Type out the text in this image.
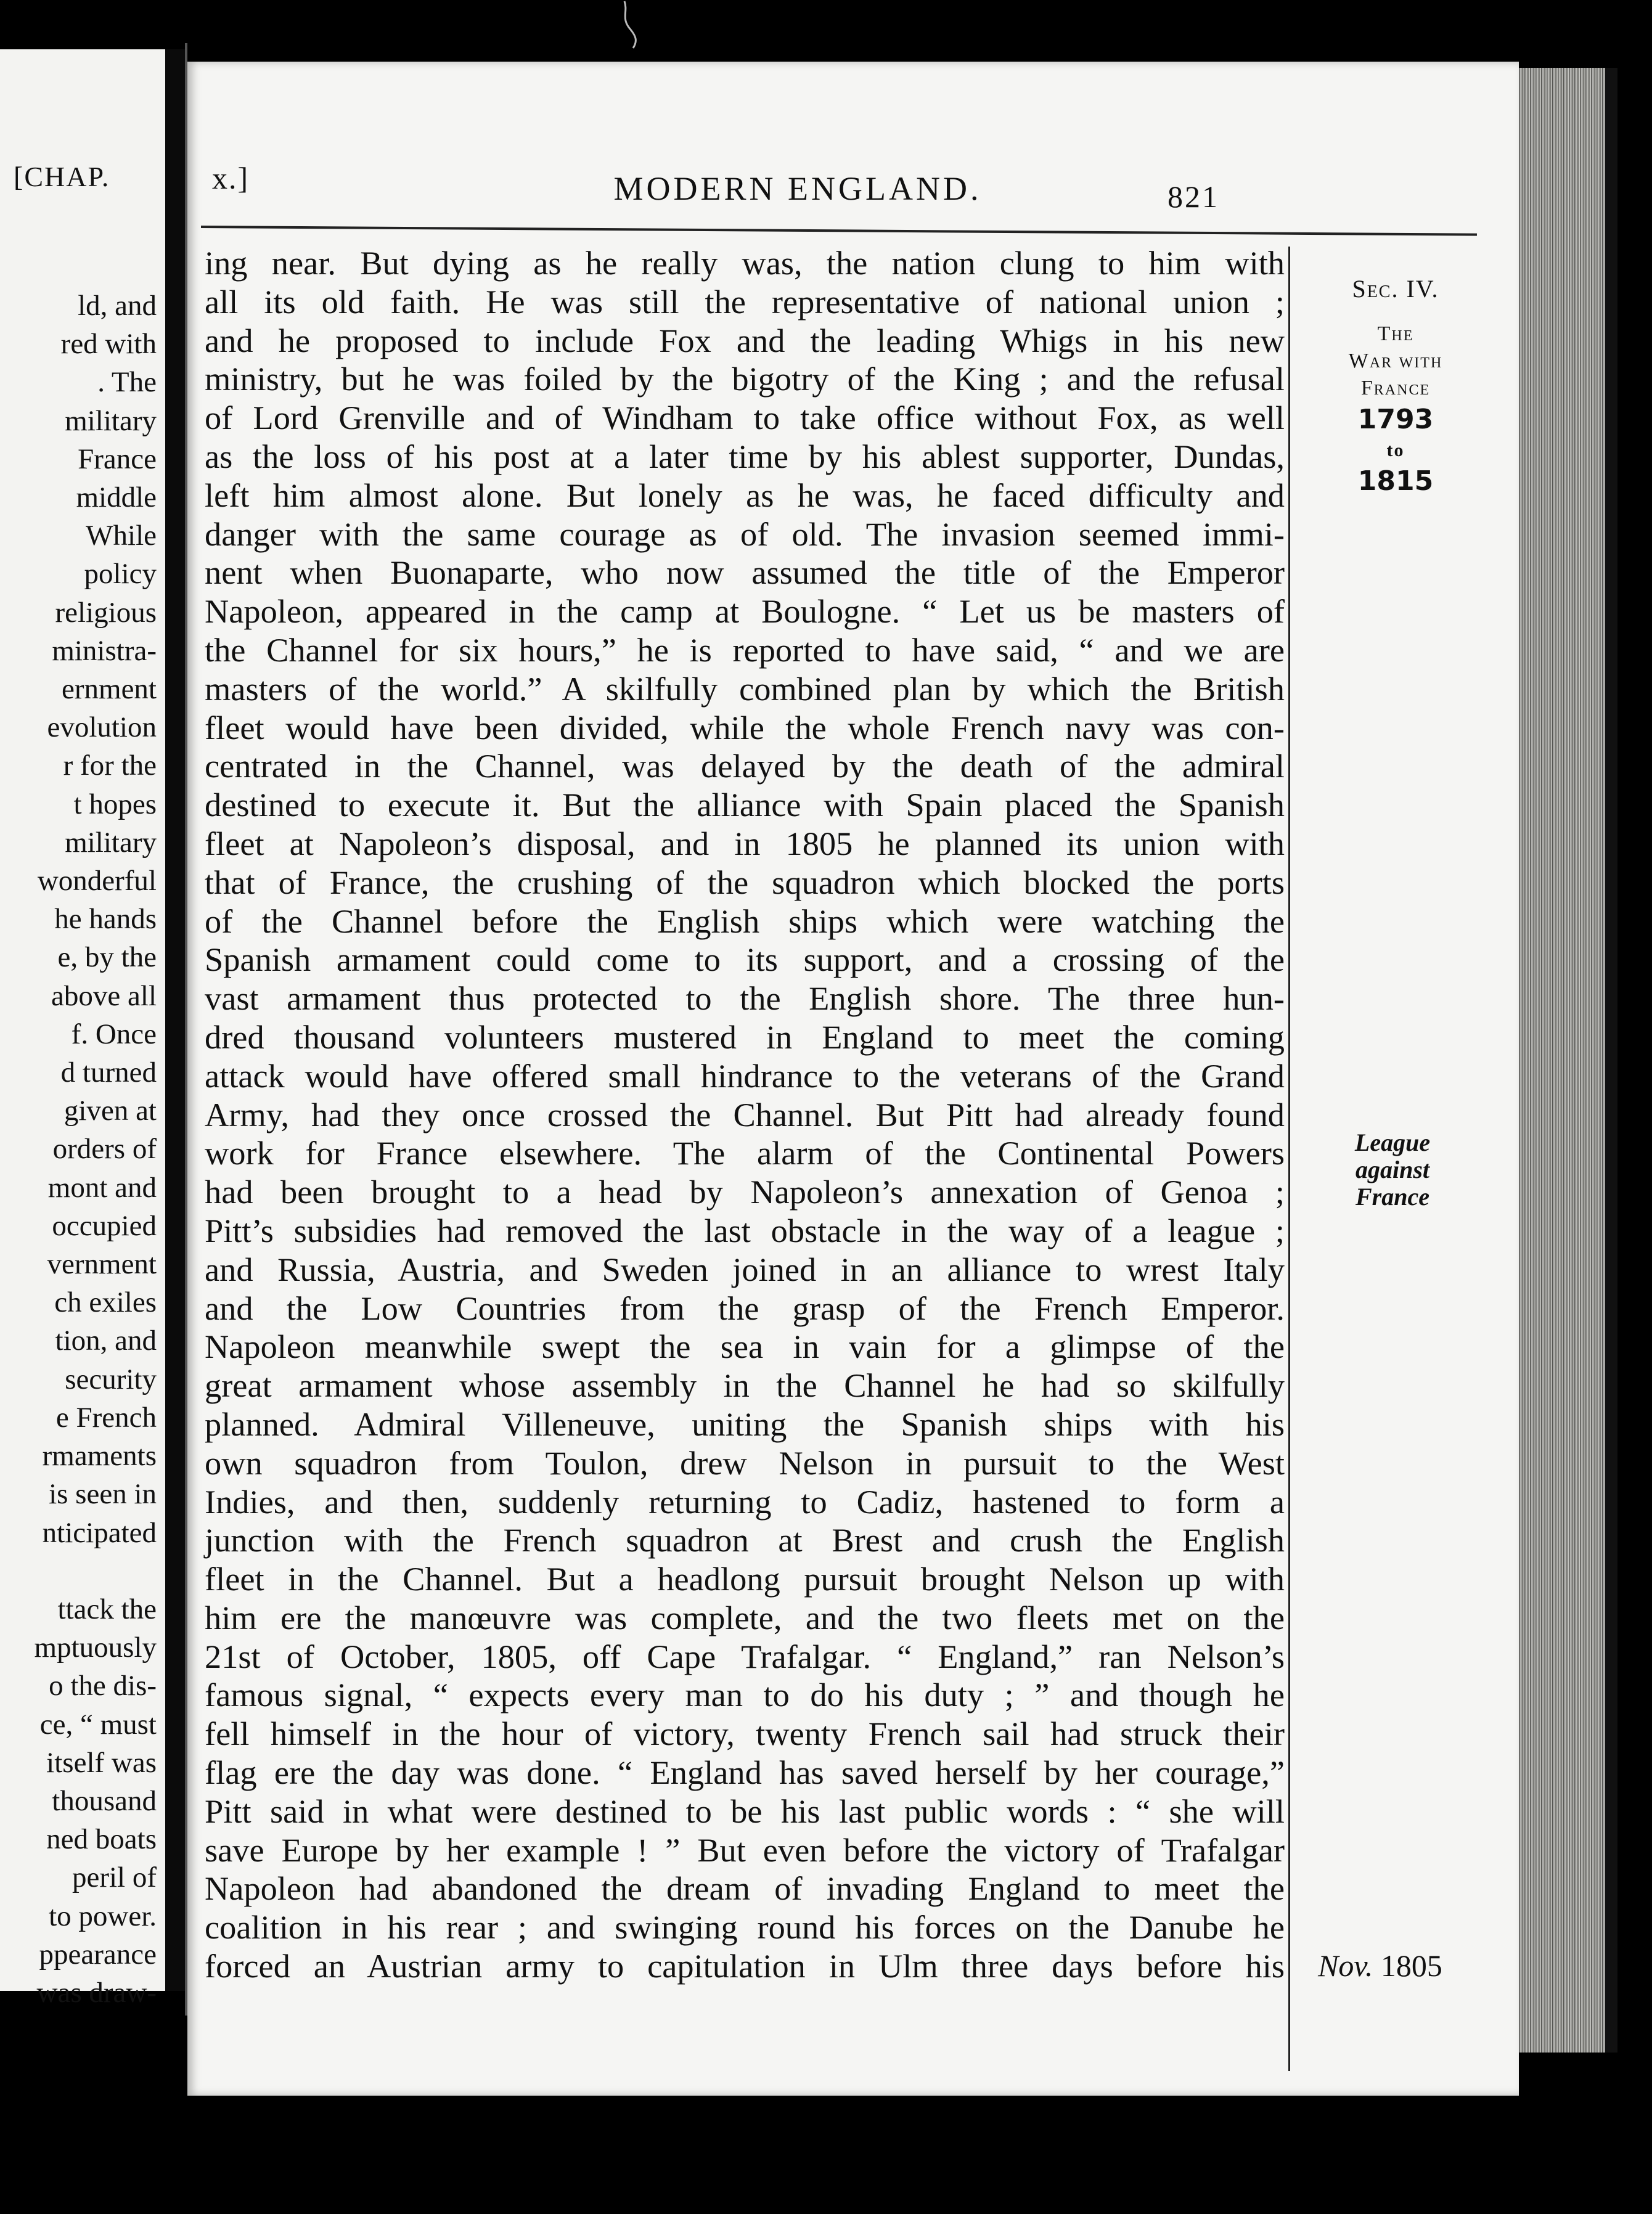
[CHAP.
ld, and
red with
. The
military
France
middle
While
policy
religious
ministra-
ernment
evolution
r for the
t hopes
military
wonderful
he hands
e, by the
above all
f. Once
d turned
given at
orders of
mont and
occupied
vernment
ch exiles
tion, and
security
e French
rmaments
is seen in
nticipated

ttack the
mptuously
o the dis-
ce, “ must
itself was
thousand
ned boats
peril of
to power.
ppearance
was draw-
x.]	MODERN ENGLAND.	821
ing near. But dying as he really was, the nation clung to him with
all its old faith. He was still the representative of national union ;
and he proposed to include Fox and the leading Whigs in his new
ministry, but he was foiled by the bigotry of the King ; and the refusal
of Lord Grenville and of Windham to take office without Fox, as well
as the loss of his post at a later time by his ablest supporter, Dundas,
left him almost alone. But lonely as he was, he faced difficulty and
danger with the same courage as of old. The invasion seemed immi-
nent when Buonaparte, who now assumed the title of the Emperor
Napoleon, appeared in the camp at Boulogne. “ Let us be masters of
the Channel for six hours,” he is reported to have said, “ and we are
masters of the world.” A skilfully combined plan by which the British
fleet would have been divided, while the whole French navy was con-
centrated in the Channel, was delayed by the death of the admiral
destined to execute it. But the alliance with Spain placed the Spanish
fleet at Napoleon’s disposal, and in 1805 he planned its union with
that of France, the crushing of the squadron which blocked the ports
of the Channel before the English ships which were watching the
Spanish armament could come to its support, and a crossing of the
vast armament thus protected to the English shore. The three hun-
dred thousand volunteers mustered in England to meet the coming
attack would have offered small hindrance to the veterans of the Grand
Army, had they once crossed the Channel. But Pitt had already found
work for France elsewhere. The alarm of the Continental Powers
had been brought to a head by Napoleon’s annexation of Genoa ;
Pitt’s subsidies had removed the last obstacle in the way of a league ;
and Russia, Austria, and Sweden joined in an alliance to wrest Italy
and the Low Countries from the grasp of the French Emperor.
Napoleon meanwhile swept the sea in vain for a glimpse of the
great armament whose assembly in the Channel he had so skilfully
planned. Admiral Villeneuve, uniting the Spanish ships with his
own squadron from Toulon, drew Nelson in pursuit to the West
Indies, and then, suddenly returning to Cadiz, hastened to form a
junction with the French squadron at Brest and crush the English
fleet in the Channel. But a headlong pursuit brought Nelson up with
him ere the manœuvre was complete, and the two fleets met on the
21st of October, 1805, off Cape Trafalgar. “ England,” ran Nelson’s
famous signal, “ expects every man to do his duty ; ” and though he
fell himself in the hour of victory, twenty French sail had struck their
flag ere the day was done. “ England has saved herself by her courage,”
Pitt said in what were destined to be his last public words : “ she will
save Europe by her example ! ” But even before the victory of Trafalgar
Napoleon had abandoned the dream of invading England to meet the
coalition in his rear ; and swinging round his forces on the Danube he
forced an Austrian army to capitulation in Ulm three days before his
Sec. IV.
The
War with
France
1793
to
1815
League
against
France
Nov. 1805
